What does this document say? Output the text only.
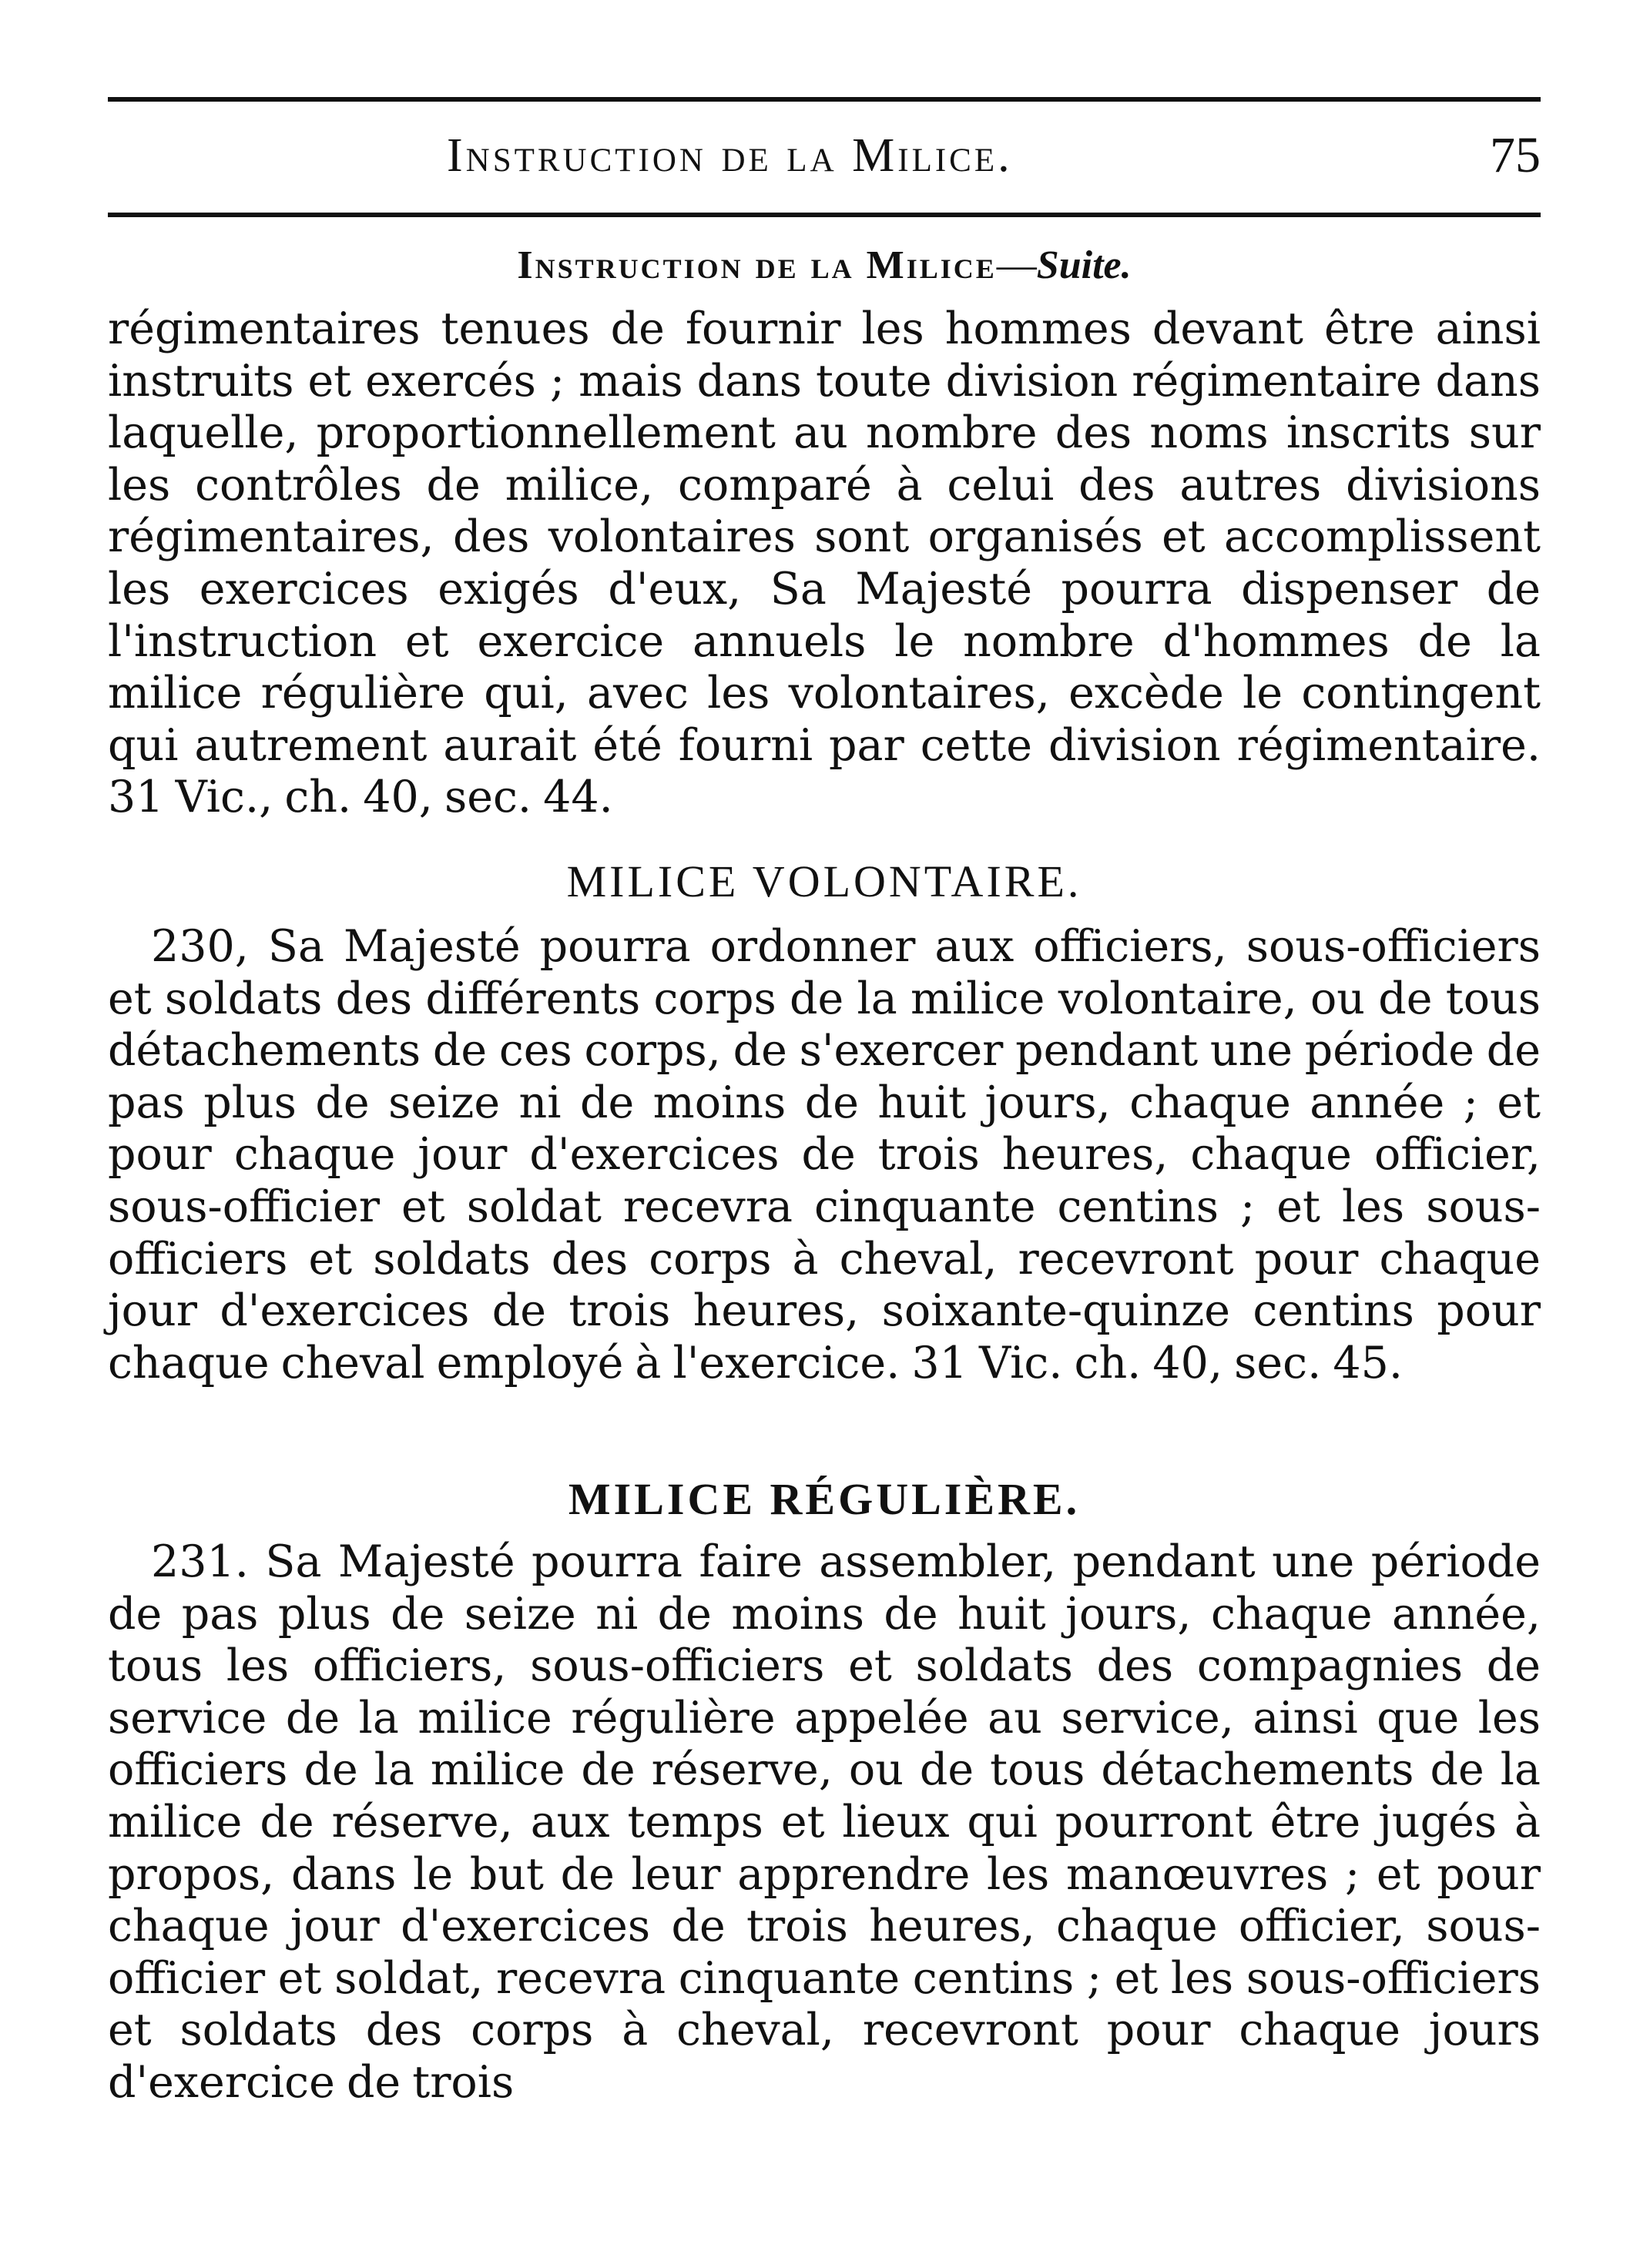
Instruction de la Milice.	75
Instruction de la Milice—Suite.

régimentaires tenues de fournir les hommes devant être ainsi instruits et exercés ; mais dans toute division régimentaire dans laquelle, proportionnellement au nombre des noms inscrits sur les contrôles de milice, comparé à celui des autres divisions régimentaires, des volontaires sont organisés et accomplissent les exercices exigés d'eux, Sa Majesté pourra dispenser de l'instruction et exercice annuels le nombre d'hommes de la milice régulière qui, avec les volontaires, excède le contingent qui autrement aurait été fourni par cette division régimentaire. 31 Vic., ch. 40, sec. 44.

MILICE VOLONTAIRE.

230, Sa Majesté pourra ordonner aux officiers, sous-officiers et soldats des différents corps de la milice volontaire, ou de tous détachements de ces corps, de s'exercer pendant une période de pas plus de seize ni de moins de huit jours, chaque année ; et pour chaque jour d'exercices de trois heures, chaque officier, sous-officier et soldat recevra cinquante centins ; et les sous-officiers et soldats des corps à cheval, recevront pour chaque jour d'exercices de trois heures, soixante-quinze centins pour chaque cheval employé à l'exercice. 31 Vic. ch. 40, sec. 45.

MILICE RÉGULIÈRE.

231. Sa Majesté pourra faire assembler, pendant une période de pas plus de seize ni de moins de huit jours, chaque année, tous les officiers, sous-officiers et soldats des compagnies de service de la milice régulière appelée au service, ainsi que les officiers de la milice de réserve, ou de tous détachements de la milice de réserve, aux temps et lieux qui pourront être jugés à propos, dans le but de leur apprendre les manœuvres ; et pour chaque jour d'exercices de trois heures, chaque officier, sous-officier et soldat, recevra cinquante centins ; et les sous-officiers et soldats des corps à cheval, recevront pour chaque jours d'exercice de trois
